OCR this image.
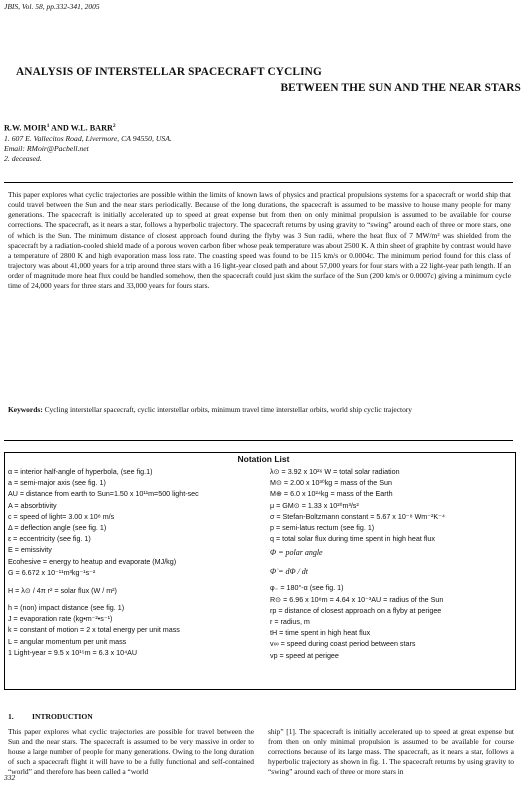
JBIS, Vol. 58, pp.332-341, 2005
ANALYSIS OF INTERSTELLAR SPACECRAFT CYCLING
BETWEEN THE SUN AND THE NEAR STARS
R.W. MOIR$^1$ AND W.L. BARR$^2$
1. 607 E. Vallecitos Road, Livermore, CA 94550, USA.
Email: RMoir@Pacbell.net
2. deceased.
This paper explores what cyclic trajectories are possible within the limits of known laws of physics and practical propulsions systems for a spacecraft or world ship that could travel between the Sun and the near stars periodically. Because of the long durations, the spacecraft is assumed to be massive to house many people for many generations. The spacecraft is initially accelerated up to speed at great expense but from then on only minimal propulsion is assumed to be available for course corrections. The spacecraft, as it nears a star, follows a hyperbolic trajectory. The spacecraft returns by using gravity to “swing” around each of three or more stars, one of which is the Sun. The minimum distance of closest approach found during the flyby was 3 Sun radii, where the heat flux of 7 MW/m² was shielded from the spacecraft by a radiation-cooled shield made of a porous woven carbon fiber whose peak temperature was about 2500 K. A thin sheet of graphite by contrast would have a temperature of 2800 K and high evaporation mass loss rate. The coasting speed was found to be 115 km/s or 0.0004c. The minimum period found for this class of trajectory was about 41,000 years for a trip around three stars with a 16 light-year closed path and about 57,000 years for four stars with a 22 light-year path length. If an order of magnitude more heat flux could be handled somehow, then the spacecraft could just skim the surface of the Sun (200 km/s or 0.0007c) giving a minimum cycle time of 24,000 years for three stars and 33,000 years for fours stars.
Keywords: Cycling interstellar spacecraft, cyclic interstellar orbits, minimum travel time interstellar orbits, world ship cyclic trajectory
Notation List
α = interior half-angle of hyperbola, (see fig.1)
a = semi-major axis (see fig. 1)
AU = distance from earth to Sun=1.50 x 10¹¹m=500 light-sec
A = absorbtivity
c = speed of light= 3.00 x 10⁸ m/s
Δ = deflection angle (see fig. 1)
ε = eccentricity (see fig. 1)
E = emissivity
Ecohesive = energy to heatup and evaporate (MJ/kg)
G = 6.672 x 10⁻¹¹m³kg⁻¹s⁻²
H = λ⊙ / 4π r² = solar flux (W / m²)
h = (non) impact distance (see fig. 1)
J = evaporation rate (kg•m⁻²•s⁻¹)
k = constant of motion = 2 x total energy per unit mass
L = angular momentum per unit mass
1 Light-year = 9.5 x 10¹⁵m = 6.3 x 10⁴AU
λ⊙ = 3.92 x 10²⁶ W = total solar radiation
M⊙ = 2.00 x 10³⁰kg = mass of the Sun
M⊕ = 6.0 x 10²⁴kg = mass of the Earth
μ = GM⊙ = 1.33 x 10²⁰m³/s²
σ = Stefan-Boltzmann constant = 5.67 x 10⁻⁸ Wm⁻²K⁻⁴
p = semi-latus rectum (see fig. 1)
q = total solar flux during time spent in high heat flux
Φ = polar angle
Φ̇ = dΦ / dt
φ₋ = 180°-α (see fig. 1)
R⊙ = 6.96 x 10⁸m = 4.64 x 10⁻³AU = radius of the Sun
rp = distance of closest approach on a flyby at perigee
r = radius, m
tH = time spent in high heat flux
v∞ = speed during coast period between stars
vp = speed at perigee
1. INTRODUCTION
This paper explores what cyclic trajectories are possible for travel between the Sun and the near stars. The spacecraft is assumed to be very massive in order to house a large number of people for many generations. Owing to the long duration of such a spacecraft flight it will have to be a fully functional and self-contained “world” and therefore has been called a “world
ship” [1]. The spacecraft is initially accelerated up to speed at great expense but from then on only minimal propulsion is assumed to be available for course corrections because of its large mass. The spacecraft, as it nears a star, follows a hyperbolic trajectory as shown in fig. 1. The spacecraft returns by using gravity to “swing” around each of three or more stars in
332
